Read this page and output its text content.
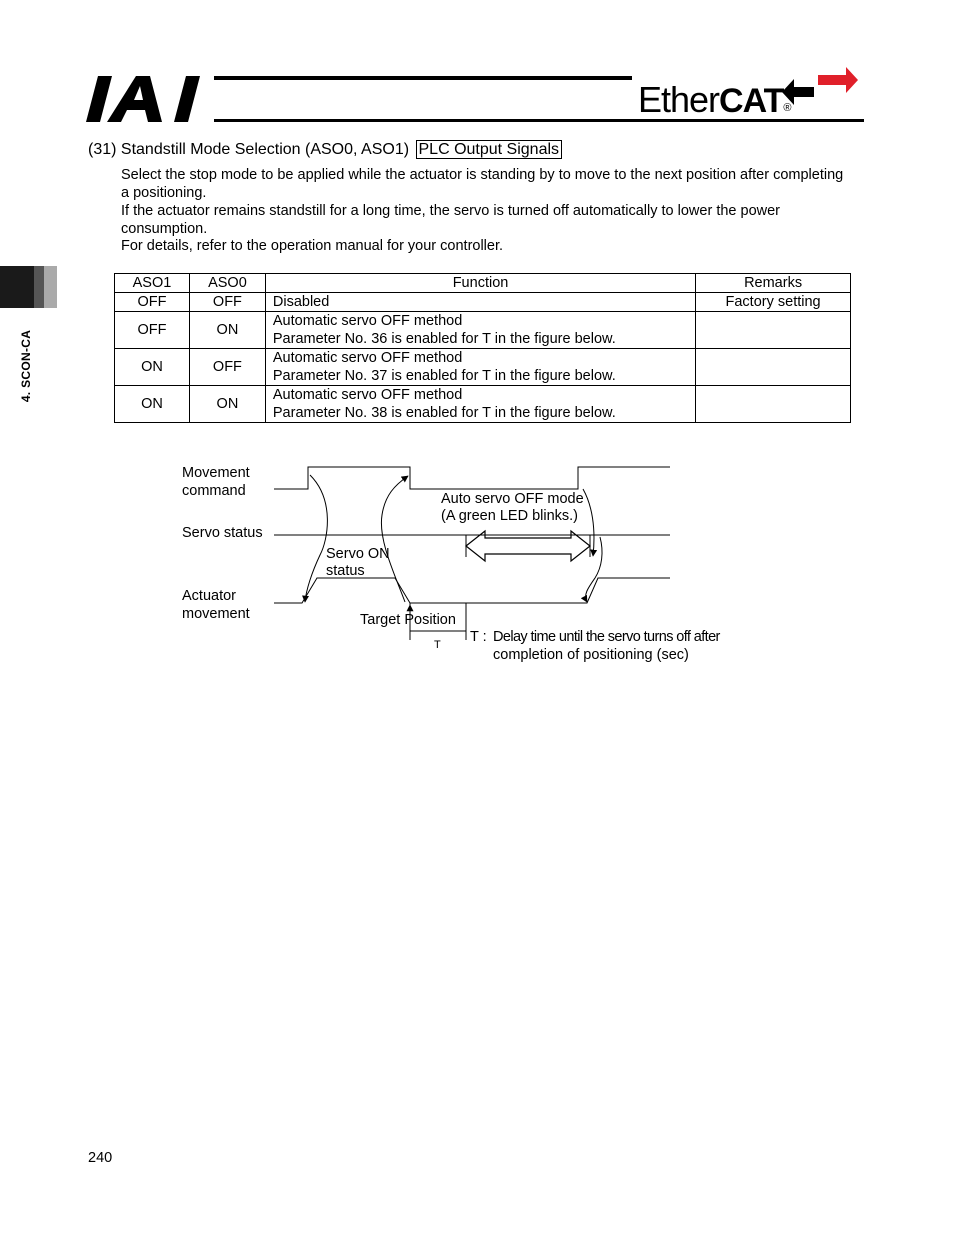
EtherCAT®
4. SCON-CA
(31) Standstill Mode Selection (ASO0, ASO1) PLC Output Signals
Select the stop mode to be applied while the actuator is standing by to move to the next position after completing a positioning.
If the actuator remains standstill for a long time, the servo is turned off automatically to lower the power consumption.
For details, refer to the operation manual for your controller.
ASO1	ASO0	Function	Remarks
OFF	OFF	Disabled	Factory setting
OFF	ON	Automatic servo OFF method
Parameter No. 36 is enabled for T in the figure below.	

ON	OFF	Automatic servo OFF method
Parameter No. 37 is enabled for T in the figure below.	

ON	ON	Automatic servo OFF method
Parameter No. 38 is enabled for T in the figure below.	

Movement
command
Servo status
Actuator
movement
Servo ON
status
Auto servo OFF mode
(A green LED blinks.)
Target Position
T T : Delay time until the servo turns off after
completion of positioning (sec)
240
